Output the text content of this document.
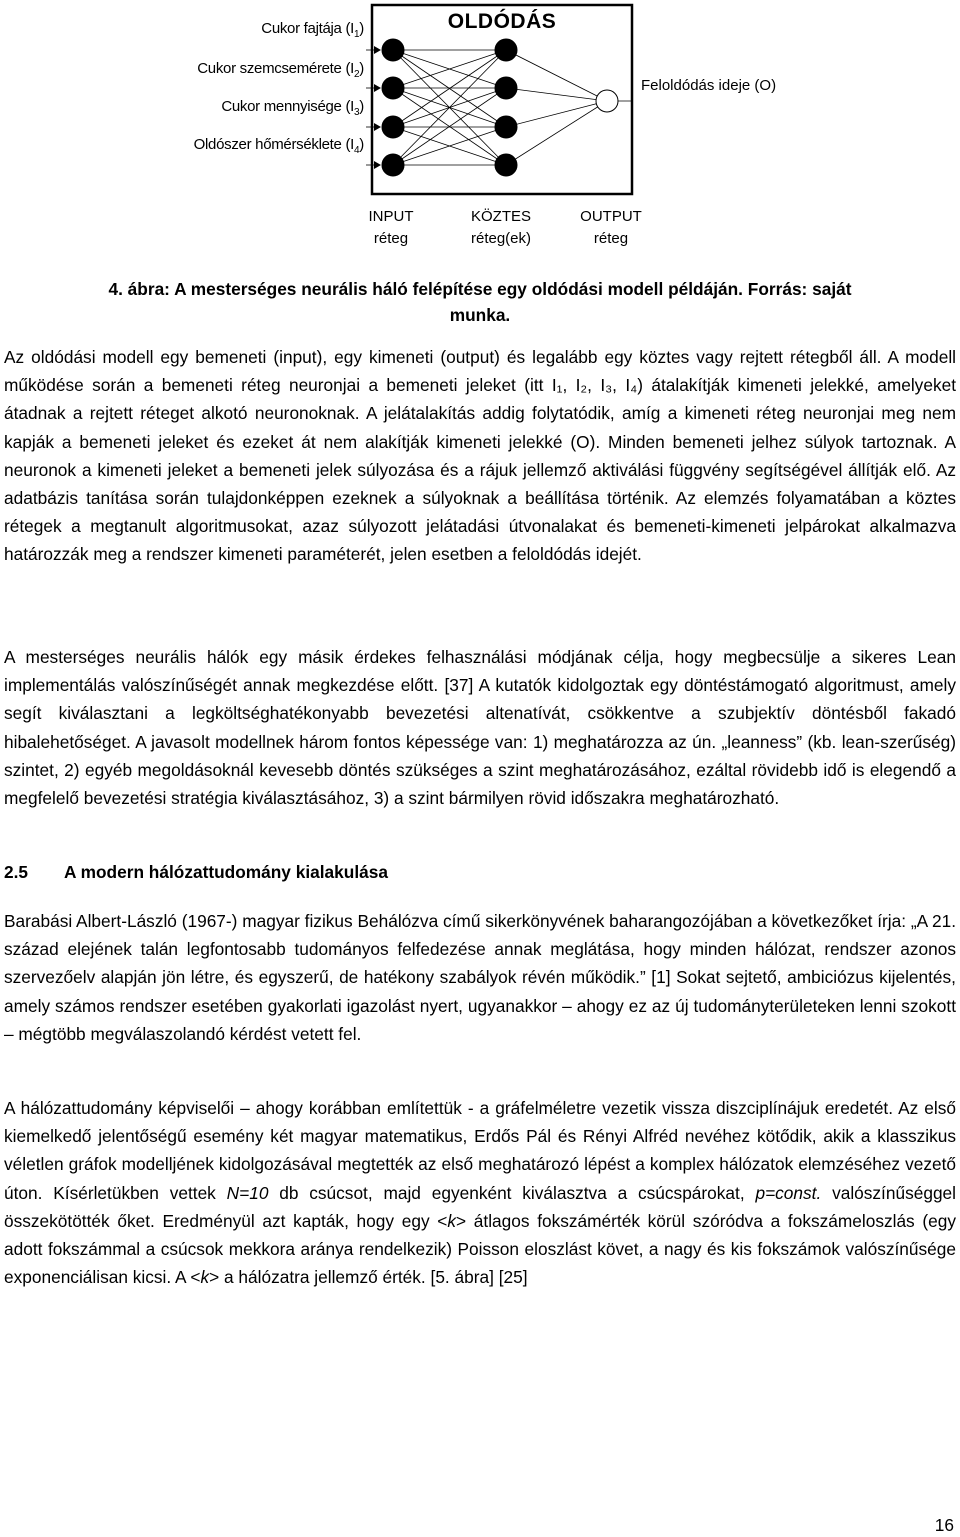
OLDÓDÁS
Cukor fajtája $(I_1)$
Cukor szemcsemérete $(I_2)$
Cukor mennyisége $(I_3)$
Oldószer hőmérséklete $(I_4)$
Feloldódás ideje (O)
INPUT
réteg
KÖZTES
réteg(ek)
OUTPUT
réteg
4. ábra: A mesterséges neurális háló felépítése egy oldódási modell példáján. Forrás: saját
munka.

Az oldódási modell egy bemeneti (input), egy kimeneti (output) és legalább egy köztes vagy rejtett rétegből áll. A modell működése során a bemeneti réteg neuronjai a bemeneti jeleket (itt I₁, I₂, I₃, I₄) átalakítják kimeneti jelekké, amelyeket átadnak a rejtett réteget alkotó neuronoknak. A jelátalakítás addig folytatódik, amíg a kimeneti réteg neuronjai meg nem kapják a bemeneti jeleket és ezeket át nem alakítják kimeneti jelekké (O). Minden bemeneti jelhez súlyok tartoznak. A neuronok a kimeneti jeleket a bemeneti jelek súlyozása és a rájuk jellemző aktiválási függvény segítségével állítják elő. Az adatbázis tanítása során tulajdonképpen ezeknek a súlyoknak a beállítása történik. Az elemzés folyamatában a köztes rétegek a megtanult algoritmusokat, azaz súlyozott jelátadási útvonalakat és bemeneti-kimeneti jelpárokat alkalmazva határozzák meg a rendszer kimeneti paraméterét, jelen esetben a feloldódás idejét.

A mesterséges neurális hálók egy másik érdekes felhasználási módjának célja, hogy megbecsülje a sikeres Lean implementálás valószínűségét annak megkezdése előtt. [37] A kutatók kidolgoztak egy döntéstámogató algoritmust, amely segít kiválasztani a legköltséghatékonyabb bevezetési altenatívát, csökkentve a szubjektív döntésből fakadó hibalehetőséget. A javasolt modellnek három fontos képessége van: 1) meghatározza az ún. „leanness” (kb. lean-szerűség) szintet, 2) egyéb megoldásoknál kevesebb döntés szükséges a szint meghatározásához, ezáltal rövidebb idő is elegendő a megfelelő bevezetési stratégia kiválasztásához, 3) a szint bármilyen rövid időszakra meghatározható.

2.5 A modern hálózattudomány kialakulása

Barabási Albert-László (1967-) magyar fizikus Behálózva című sikerkönyvének baharangozójában a következőket írja: „A 21. század elejének talán legfontosabb tudományos felfedezése annak meglátása, hogy minden hálózat, rendszer azonos szervezőelv alapján jön létre, és egyszerű, de hatékony szabályok révén működik.” [1] Sokat sejtető, ambiciózus kijelentés, amely számos rendszer esetében gyakorlati igazolást nyert, ugyanakkor – ahogy ez az új tudományterületeken lenni szokott – mégtöbb megválaszolandó kérdést vetett fel.

A hálózattudomány képviselői – ahogy korábban említettük - a gráfelméletre vezetik vissza diszciplínájuk eredetét. Az első kiemelkedő jelentőségű esemény két magyar matematikus, Erdős Pál és Rényi Alfréd nevéhez kötődik, akik a klasszikus véletlen gráfok modelljének kidolgozásával megtették az első meghatározó lépést a komplex hálózatok elemzéséhez vezető úton. Kísérletükben vettek N=10 db csúcsot, majd egyenként kiválasztva a csúcspárokat, p=const. valószínűséggel összekötötték őket. Eredményül azt kapták, hogy egy <k> átlagos fokszámérték körül szóródva a fokszámeloszlás (egy adott fokszámmal a csúcsok mekkora aránya rendelkezik) Poisson eloszlást követ, a nagy és kis fokszámok valószínűsége exponenciálisan kicsi. A <k> a hálózatra jellemző érték. [5. ábra] [25]

16
